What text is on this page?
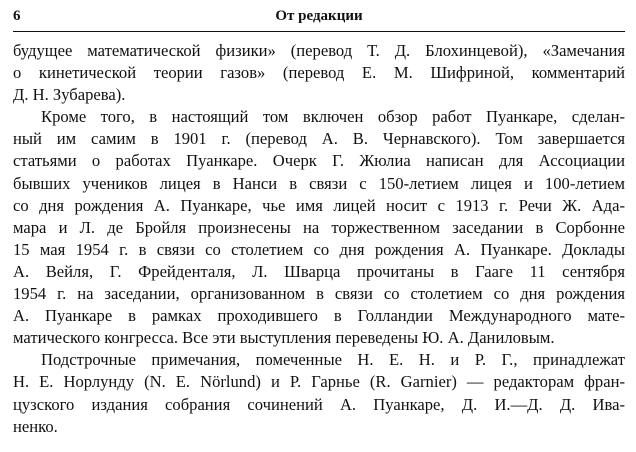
6	От редакции
будущее математической физики» (перевод Т. Д. Блохинцевой), «Замечания
о кинетической теории газов» (перевод Е. М. Шифриной, комментарий
Д. Н. Зубарева).
Кроме того, в настоящий том включен обзор работ Пуанкаре, сделан-
ный им самим в 1901 г. (перевод А. В. Чернавского). Том завершается
статьями о работах Пуанкаре. Очерк Г. Жюлиа написан для Ассоциации
бывших учеников лицея в Нанси в связи с 150-летием лицея и 100-летием
со дня рождения А. Пуанкаре, чье имя лицей носит с 1913 г. Речи Ж. Ада-
мара и Л. де Бройля произнесены на торжественном заседании в Сорбонне
15 мая 1954 г. в связи со столетием со дня рождения А. Пуанкаре. Доклады
А. Вейля, Г. Фрейденталя, Л. Шварца прочитаны в Гааге 11 сентября
1954 г. на заседании, организованном в связи со столетием со дня рождения
А. Пуанкаре в рамках проходившего в Голландии Международного мате-
матического конгресса. Все эти выступления переведены Ю. А. Даниловым.
Подстрочные примечания, помеченные Н. Е. Н. и Р. Г., принадлежат
Н. Е. Норлунду (N. E. Nörlund) и Р. Гарнье (R. Garnier) — редакторам фран-
цузского издания собрания сочинений А. Пуанкаре, Д. И.—Д. Д. Ива-
ненко.
